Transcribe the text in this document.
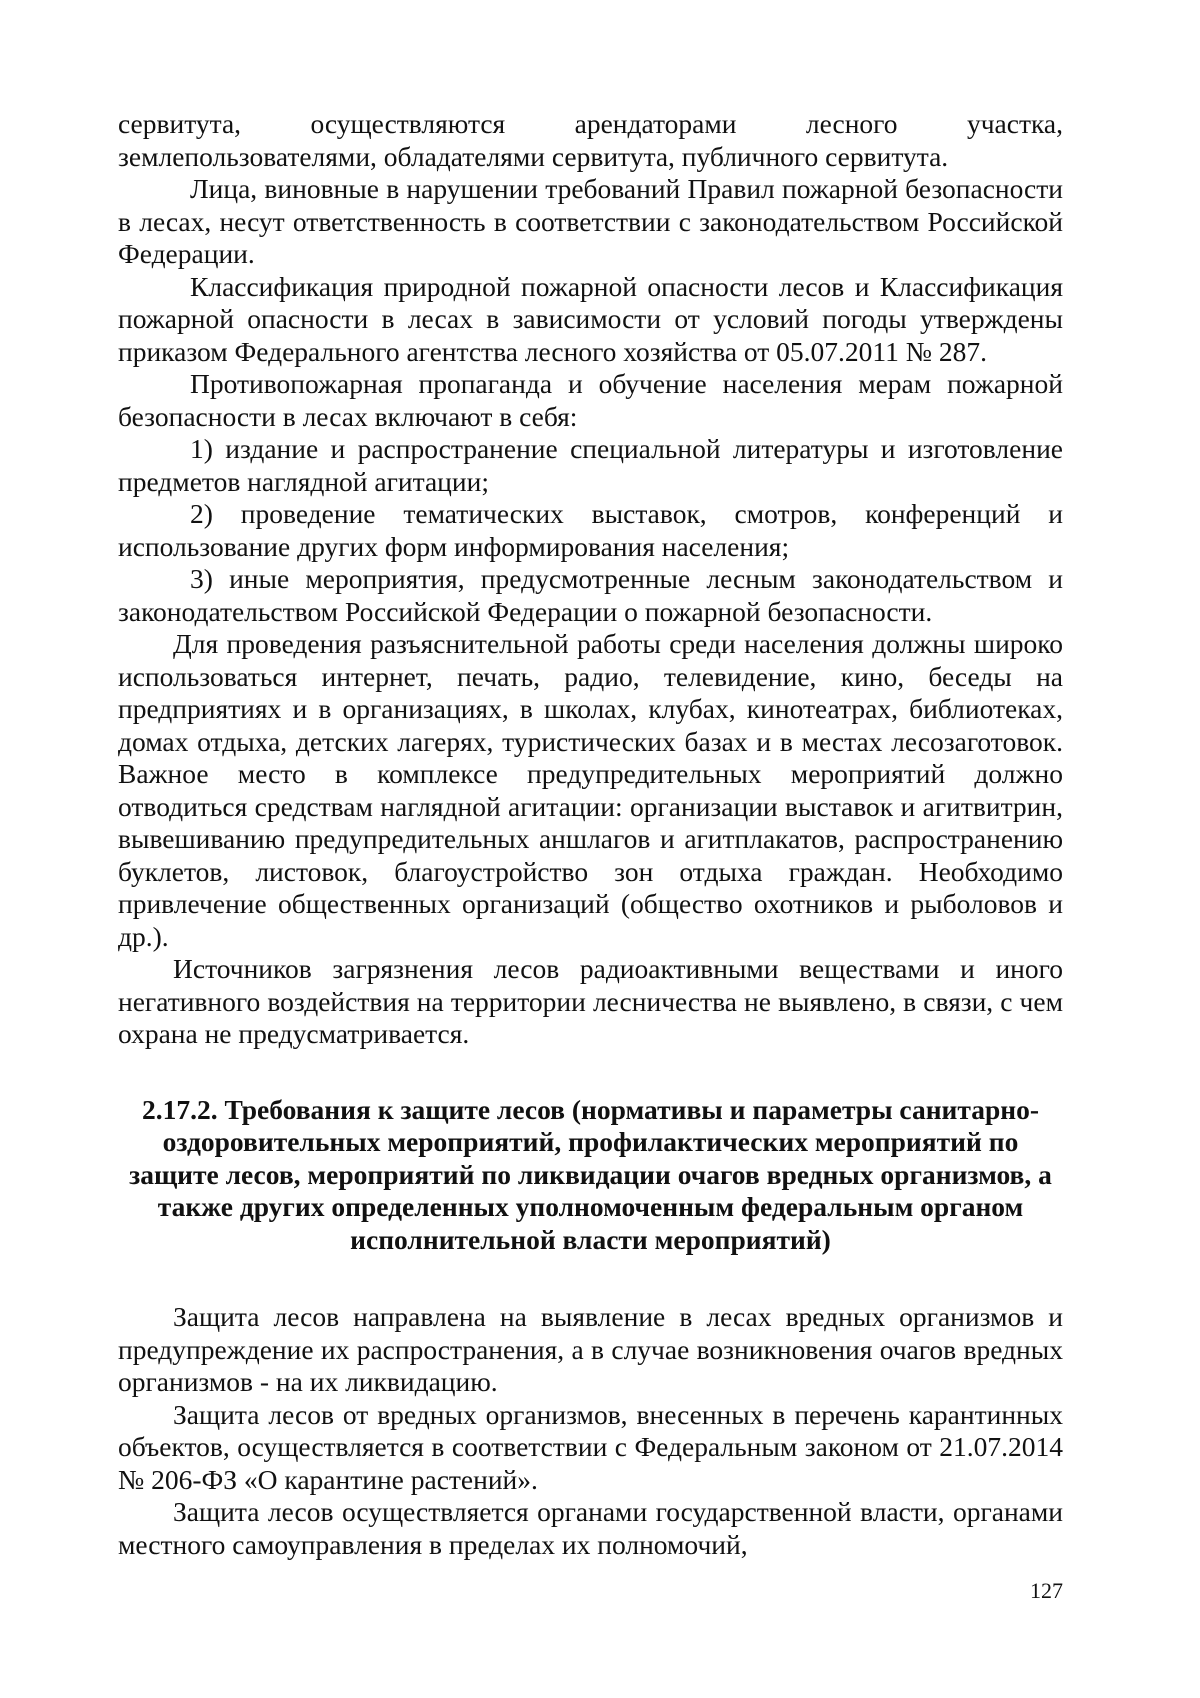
сервитута, осуществляются арендаторами лесного участка, землепользователями, обладателями сервитута, публичного сервитута.

Лица, виновные в нарушении требований Правил пожарной безопасности в лесах, несут ответственность в соответствии с законодательством Российской Федерации.

Классификация природной пожарной опасности лесов и Классификация пожарной опасности в лесах в зависимости от условий погоды утверждены приказом Федерального агентства лесного хозяйства от 05.07.2011 № 287.

Противопожарная пропаганда и обучение населения мерам пожарной безопасности в лесах включают в себя:

1) издание и распространение специальной литературы и изготовление предметов наглядной агитации;

2) проведение тематических выставок, смотров, конференций и использование других форм информирования населения;

3) иные мероприятия, предусмотренные лесным законодательством и законодательством Российской Федерации о пожарной безопасности.

Для проведения разъяснительной работы среди населения должны широко использоваться интернет, печать, радио, телевидение, кино, беседы на предприятиях и в организациях, в школах, клубах, кинотеатрах, библиотеках, домах отдыха, детских лагерях, туристических базах и в местах лесозаготовок. Важное место в комплексе предупредительных мероприятий должно отводиться средствам наглядной агитации: организации выставок и агитвитрин, вывешиванию предупредительных аншлагов и агитплакатов, распространению буклетов, листовок, благоустройство зон отдыха граждан. Необходимо привлечение общественных организаций (общество охотников и рыболовов и др.).

Источников загрязнения лесов радиоактивными веществами и иного негативного воздействия на территории лесничества не выявлено, в связи, с чем охрана не предусматривается.

2.17.2. Требования к защите лесов (нормативы и параметры санитарно-оздоровительных мероприятий, профилактических мероприятий по защите лесов, мероприятий по ликвидации очагов вредных организмов, а также других определенных уполномоченным федеральным органом исполнительной власти мероприятий)

Защита лесов направлена на выявление в лесах вредных организмов и предупреждение их распространения, а в случае возникновения очагов вредных организмов - на их ликвидацию.

Защита лесов от вредных организмов, внесенных в перечень карантинных объектов, осуществляется в соответствии с Федеральным законом от 21.07.2014 № 206-ФЗ «О карантине растений».

Защита лесов осуществляется органами государственной власти, органами местного самоуправления в пределах их полномочий,

127
